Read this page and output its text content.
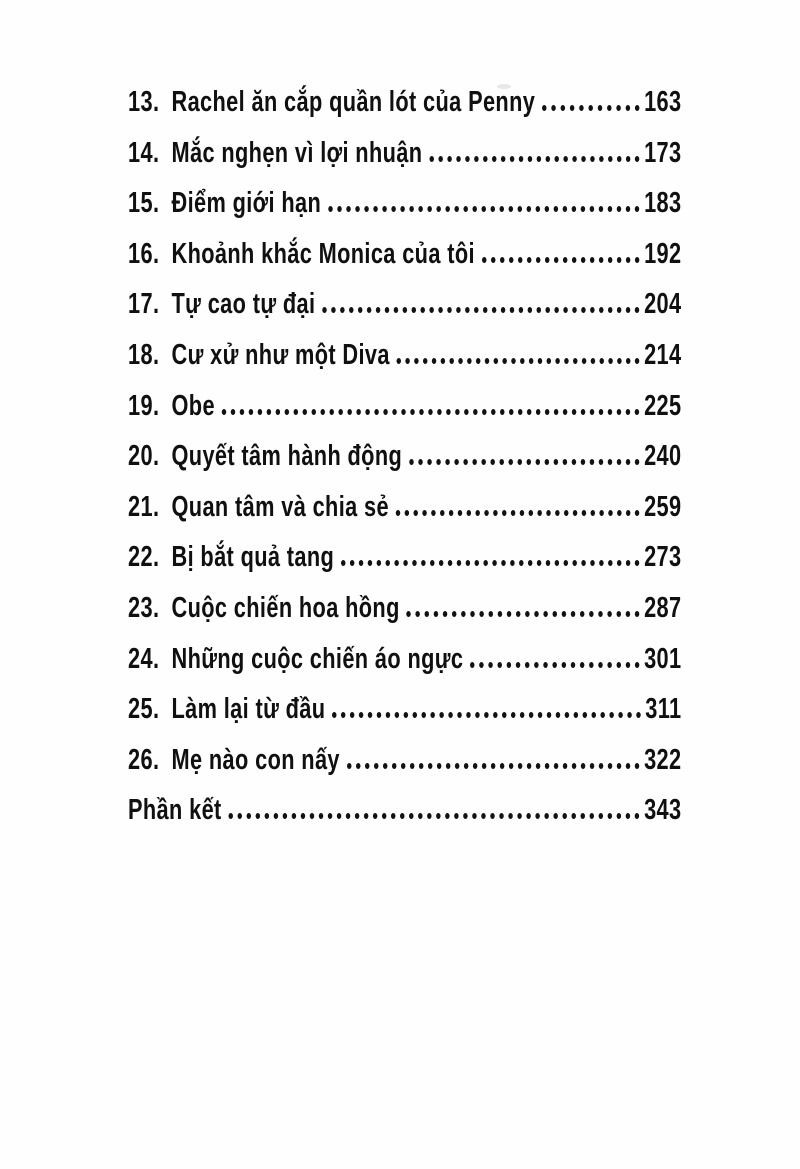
13. Rachel ăn cắp quần lót của Penny	163
14. Mắc nghẹn vì lợi nhuận	173
15. Điểm giới hạn	183
16. Khoảnh khắc Monica của tôi	192
17. Tự cao tự đại	204
18. Cư xử như một Diva	214
19. Obe	225
20. Quyết tâm hành động	240
21. Quan tâm và chia sẻ	259
22. Bị bắt quả tang	273
23. Cuộc chiến hoa hồng	287
24. Những cuộc chiến áo ngực	301
25. Làm lại từ đầu	311
26. Mẹ nào con nấy	322
Phần kết	343
